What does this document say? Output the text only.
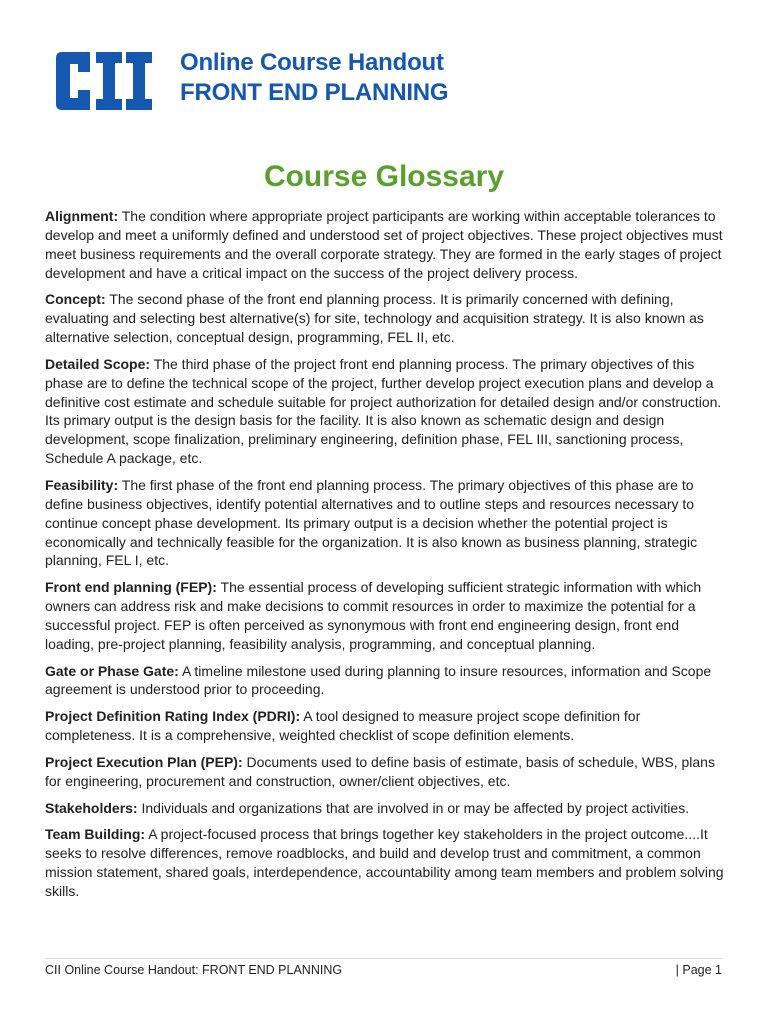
Online Course Handout
FRONT END PLANNING
Course Glossary

Alignment: The condition where appropriate project participants are working within acceptable tolerances to develop and meet a uniformly defined and understood set of project objectives. These project objectives must meet business requirements and the overall corporate strategy. They are formed in the early stages of project development and have a critical impact on the success of the project delivery process.

Concept: The second phase of the front end planning process. It is primarily concerned with defining, evaluating and selecting best alternative(s) for site, technology and acquisition strategy. It is also known as alternative selection, conceptual design, programming, FEL II, etc.

Detailed Scope: The third phase of the project front end planning process. The primary objectives of this phase are to define the technical scope of the project, further develop project execution plans and develop a definitive cost estimate and schedule suitable for project authorization for detailed design and/or construction. Its primary output is the design basis for the facility. It is also known as schematic design and design development, scope finalization, preliminary engineering, definition phase, FEL III, sanctioning process, Schedule A package, etc.

Feasibility: The first phase of the front end planning process. The primary objectives of this phase are to define business objectives, identify potential alternatives and to outline steps and resources necessary to continue concept phase development. Its primary output is a decision whether the potential project is economically and technically feasible for the organization. It is also known as business planning, strategic planning, FEL I, etc.

Front end planning (FEP): The essential process of developing sufficient strategic information with which owners can address risk and make decisions to commit resources in order to maximize the potential for a successful project. FEP is often perceived as synonymous with front end engineering design, front end loading, pre-project planning, feasibility analysis, programming, and conceptual planning.

Gate or Phase Gate: A timeline milestone used during planning to insure resources, information and Scope agreement is understood prior to proceeding.

Project Definition Rating Index (PDRI): A tool designed to measure project scope definition for completeness. It is a comprehensive, weighted checklist of scope definition elements.

Project Execution Plan (PEP): Documents used to define basis of estimate, basis of schedule, WBS, plans for engineering, procurement and construction, owner/client objectives, etc.

Stakeholders: Individuals and organizations that are involved in or may be affected by project activities.

Team Building: A project-focused process that brings together key stakeholders in the project outcome....It seeks to resolve differences, remove roadblocks, and build and develop trust and commitment, a common mission statement, shared goals, interdependence, accountability among team members and problem solving skills.

CII Online Course Handout: FRONT END PLANNING	| Page 1
